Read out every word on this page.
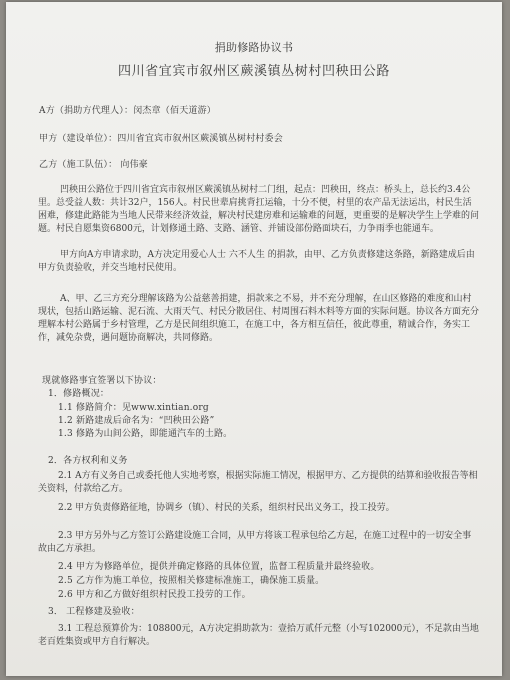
捐助修路协议书
四川省宜宾市叙州区蕨溪镇丛树村凹秧田公路
A方（捐助方代理人）：闵杰章（佰天道游）
甲方（建设单位）：四川省宜宾市叙州区蕨溪镇丛树村村委会
乙方（施工队伍）： 向伟豪
凹秧田公路位于四川省宜宾市叙州区蕨溪镇丛树村二门组，起点：凹秧田，终点：桥头上，总长约3.4公里。总受益人数：共计32户，156人。村民世辈肩挑背扛运输，十分不便，村里的农产品无法运出，村民生活困难，修建此路能为当地人民带来经济效益，解决村民建房难和运输难的问题，更重要的是解决学生上学难的问题。村民自愿集资6800元，计划修通土路、支路、涵管、并铺设部份路面块石，力争雨季也能通车。
甲方向A方申请求助，A方决定用爱心人士 六不人生 的捐款，由甲、乙方负责修建这条路，新路建成后由甲方负责验收，并交当地村民使用。
A、甲、乙三方充分理解该路为公益慈善捐建，捐款来之不易，并不充分理解，在山区修路的难度和山村现状，包括山路运输、泥石流、大雨天气、村民分散居住、村周围石料木料等方面的实际问题。协议各方面充分理解本村公路属于乡村管理，乙方是民间组织施工，在施工中，各方相互信任，彼此尊重，精诚合作，务实工作，减免杂费，遇问题协商解决，共同修路。
现就修路事宜签署以下协议：
1．修路概况：
1.1 修路简介：见www.xintian.org
1.2 新路建成后命名为：“凹秧田公路”
1.3 修路为山间公路，即能通汽车的土路。
2．各方权利和义务
2.1 A方有义务自己或委托他人实地考察，根据实际施工情况，根据甲方、乙方提供的结算和验收报告等相关资料，付款给乙方。
2.2 甲方负责修路征地，协调乡（镇）、村民的关系，组织村民出义务工，投工投劳。
2.3 甲方另外与乙方签订公路建设施工合同，从甲方将该工程承包给乙方起，在施工过程中的一切安全事故由乙方承担。
2.4 甲方为修路单位，提供并确定修路的具体位置，监督工程质量并最终验收。
2.5 乙方作为施工单位，按照相关修建标准施工，确保施工质量。
2.6 甲方和乙方做好组织村民投工投劳的工作。
3． 工程修建及验收：
3.1 工程总预算价为：108800元，A方决定捐助款为：壹拾万贰仟元整（小写102000元），不足款由当地老百姓集资或甲方自行解决。
